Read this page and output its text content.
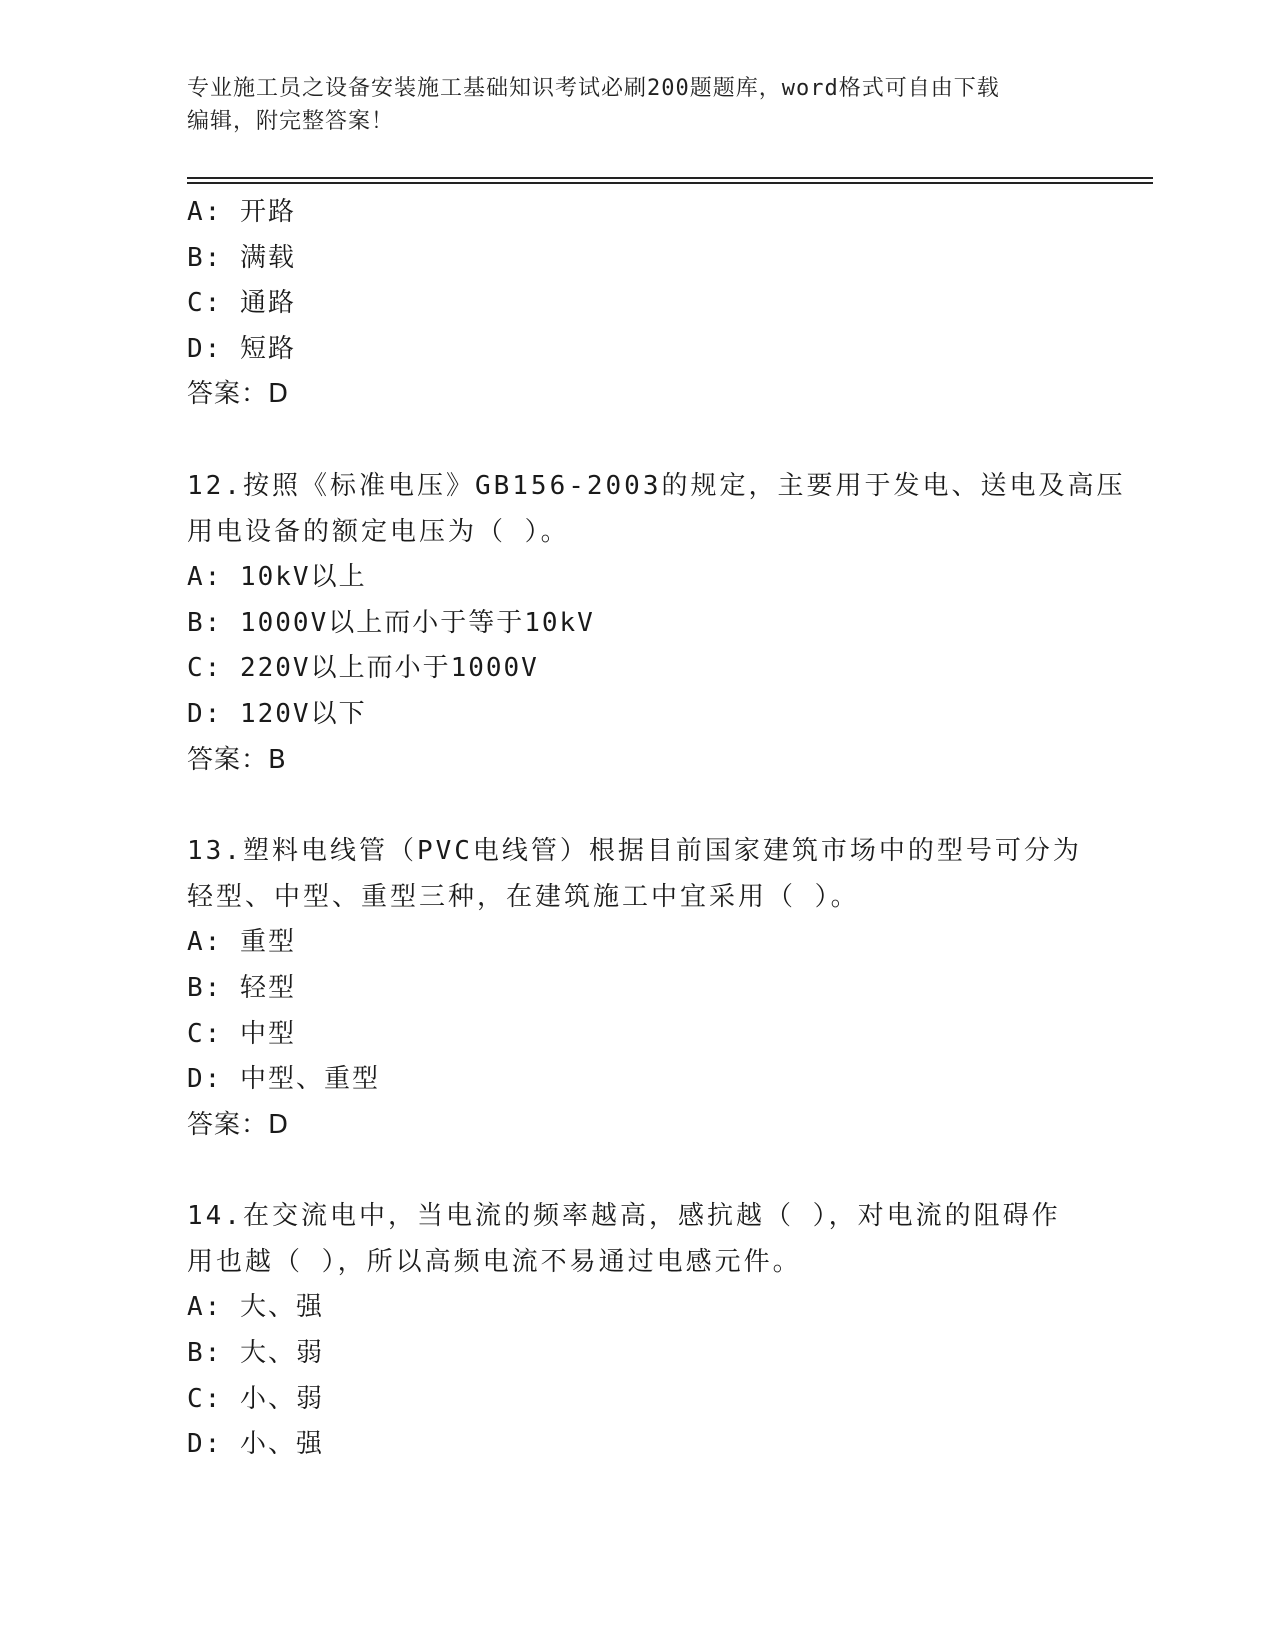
专业施工员之设备安装施工基础知识考试必刷200题题库，word格式可自由下载
编辑，附完整答案！
A: 开路
B: 满载
C: 通路
D: 短路
答案：D
12.按照《标准电压》GB156-2003的规定，主要用于发电、送电及高压
用电设备的额定电压为（ ）。
A: 10kV以上
B: 1000V以上而小于等于10kV
C: 220V以上而小于1000V
D: 120V以下
答案：B
13.塑料电线管（PVC电线管）根据目前国家建筑市场中的型号可分为
轻型、中型、重型三种，在建筑施工中宜采用（ ）。
A: 重型
B: 轻型
C: 中型
D: 中型、重型
答案：D
14.在交流电中，当电流的频率越高，感抗越（ ），对电流的阻碍作
用也越（ ），所以高频电流不易通过电感元件。
A: 大、强
B: 大、弱
C: 小、弱
D: 小、强
